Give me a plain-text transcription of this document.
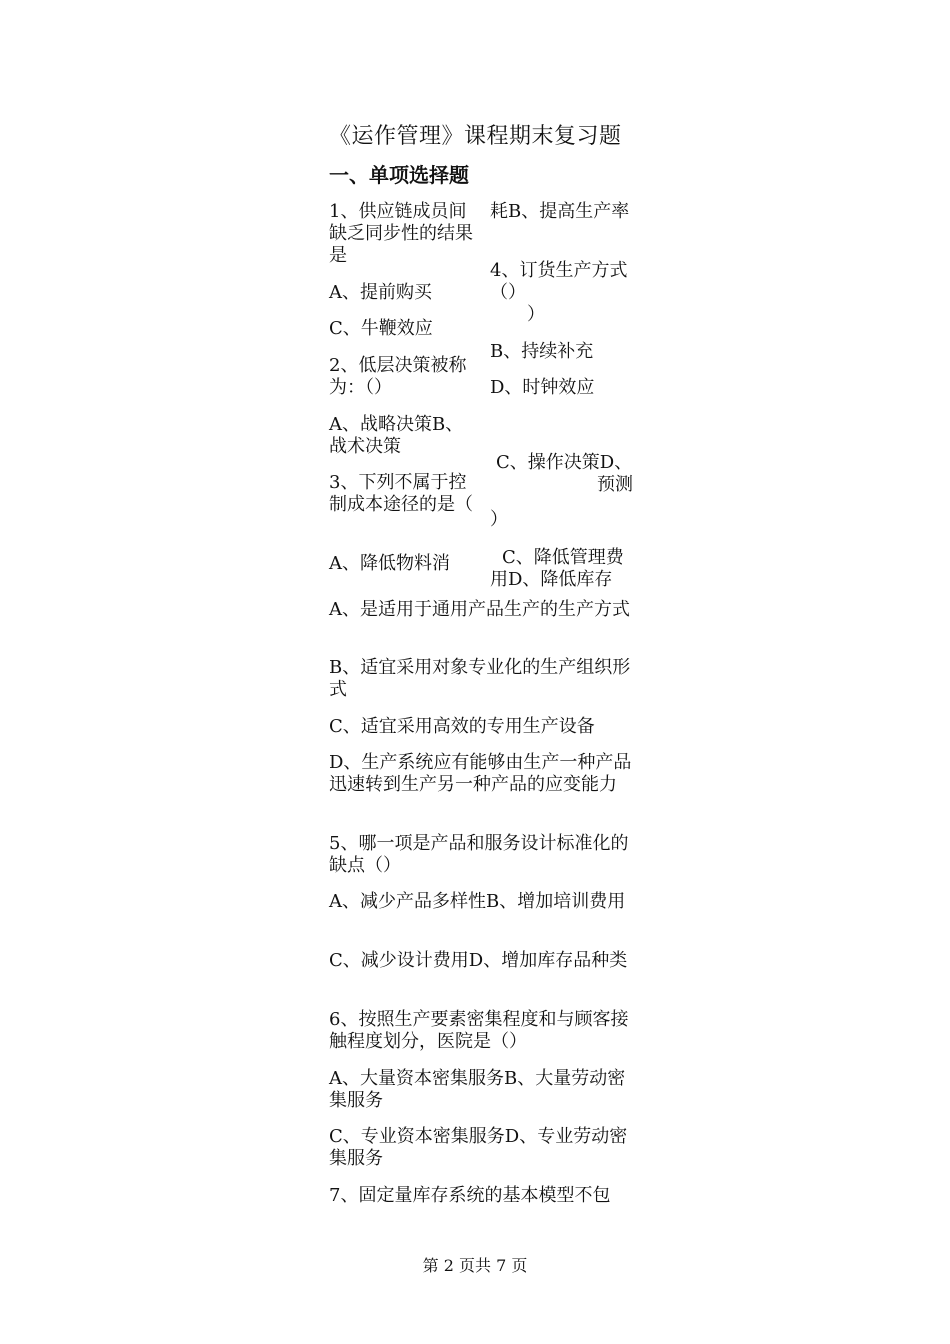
《运作管理》课程期末复习题
一、单项选择题

1、供应链成员间缺乏同步性的结果是

A、提前购买

C、牛鞭效应

2、低层决策被称为：（）

A、战略决策B、战术决策

3、下列不属于控制成本途径的是（

A、降低物料消

耗B、提高生产率

4、订货生产方式（）

）

B、持续补充

D、时钟效应

C、操作决策D、

预测

）

C、降低管理费用D、降低库存

A、是适用于通用产品生产的生产方式

B、适宜采用对象专业化的生产组织形式

C、适宜采用高效的专用生产设备

D、生产系统应有能够由生产一种产品迅速转到生产另一种产品的应变能力

5、哪一项是产品和服务设计标准化的缺点（）

A、减少产品多样性B、增加培训费用

C、减少设计费用D、增加库存品种类

6、按照生产要素密集程度和与顾客接触程度划分，医院是（）

A、大量资本密集服务B、大量劳动密集服务

C、专业资本密集服务D、专业劳动密集服务

7、固定量库存系统的基本模型不包

第 2 页共 7 页
